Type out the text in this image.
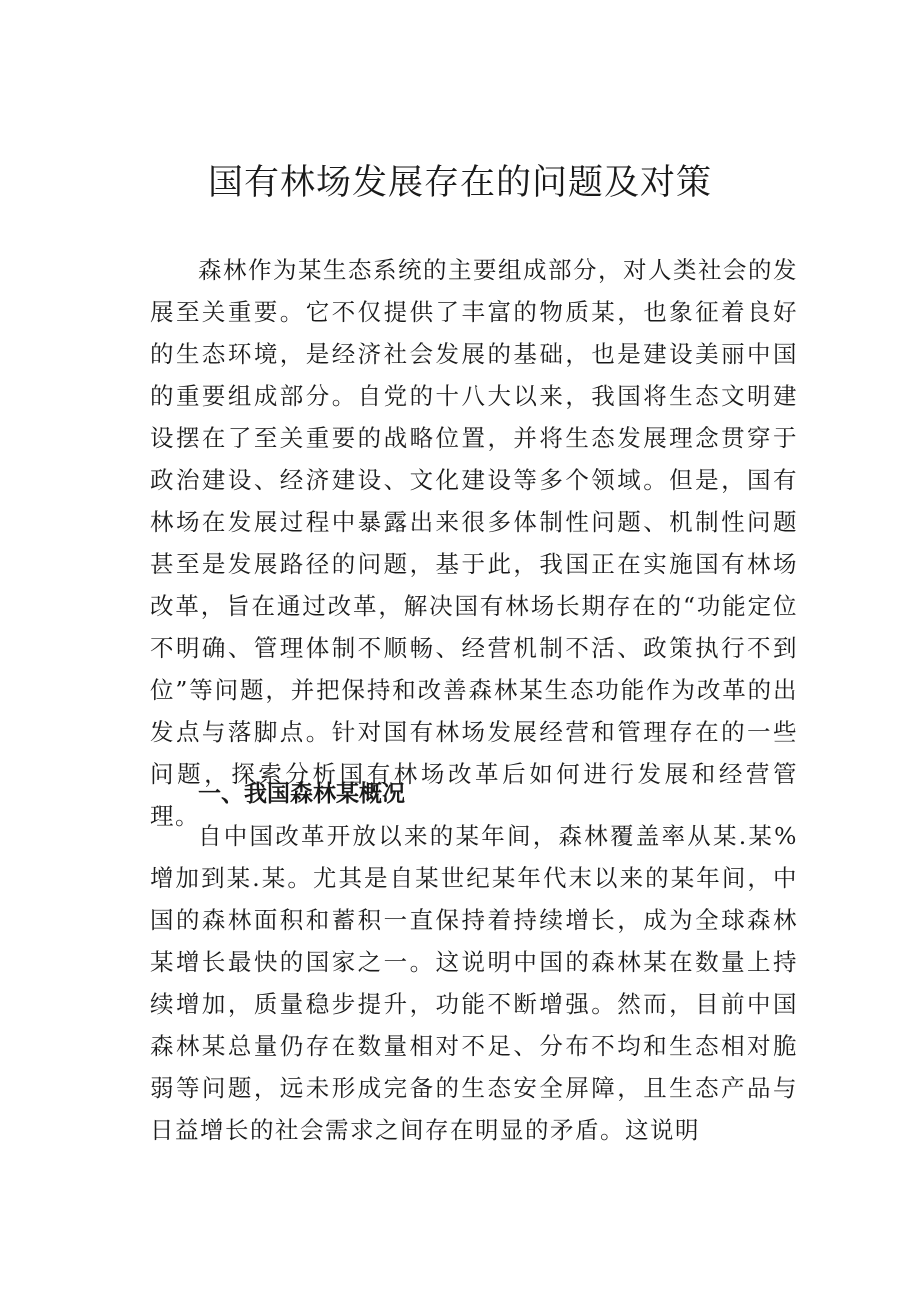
国有林场发展存在的问题及对策

森林作为某生态系统的主要组成部分，对人类社会的发展至关重要。它不仅提供了丰富的物质某，也象征着良好的生态环境，是经济社会发展的基础，也是建设美丽中国的重要组成部分。自党的十八大以来，我国将生态文明建设摆在了至关重要的战略位置，并将生态发展理念贯穿于政治建设、经济建设、文化建设等多个领域。但是，国有林场在发展过程中暴露出来很多体制性问题、机制性问题甚至是发展路径的问题，基于此，我国正在实施国有林场改革，旨在通过改革，解决国有林场长期存在的“功能定位不明确、管理体制不顺畅、经营机制不活、政策执行不到位”等问题，并把保持和改善森林某生态功能作为改革的出发点与落脚点。针对国有林场发展经营和管理存在的一些问题，探索分析国有林场改革后如何进行发展和经营管理。

一、我国森林某概况

自中国改革开放以来的某年间，森林覆盖率从某.某%增加到某.某。尤其是自某世纪某年代末以来的某年间，中国的森林面积和蓄积一直保持着持续增长，成为全球森林某增长最快的国家之一。这说明中国的森林某在数量上持续增加，质量稳步提升，功能不断增强。然而，目前中国森林某总量仍存在数量相对不足、分布不均和生态相对脆弱等问题，远未形成完备的生态安全屏障，且生态产品与日益增长的社会需求之间存在明显的矛盾。这说明
